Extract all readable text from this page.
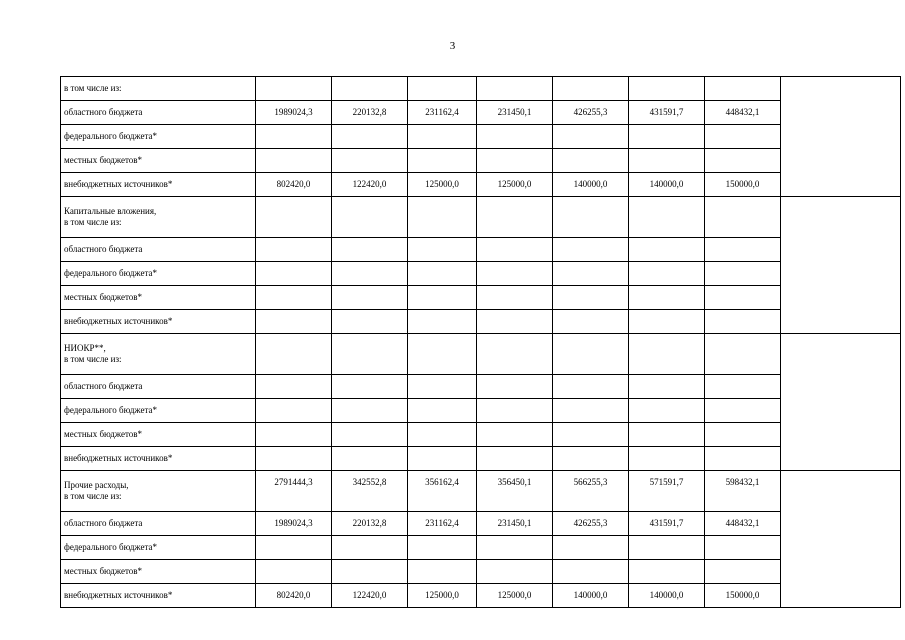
3
в том числе из:								
областного бюджета	1989024,3	220132,8	231162,4	231450,1	426255,3	431591,7	448432,1	
федерального бюджета*								
местных бюджетов*								
внебюджетных источников*	802420,0	122420,0	125000,0	125000,0	140000,0	140000,0	150000,0	
Капитальные вложения,
в том числе из:								
областного бюджета								
федерального бюджета*								
местных бюджетов*								
внебюджетных источников*								
НИОКР**,
в том числе из:								
областного бюджета								
федерального бюджета*								
местных бюджетов*								
внебюджетных источников*								
Прочие расходы,
в том числе из:	2791444,3	342552,8	356162,4	356450,1	566255,3	571591,7	598432,1	
областного бюджета	1989024,3	220132,8	231162,4	231450,1	426255,3	431591,7	448432,1	
федерального бюджета*								
местных бюджетов*								
внебюджетных источников*	802420,0	122420,0	125000,0	125000,0	140000,0	140000,0	150000,0	
